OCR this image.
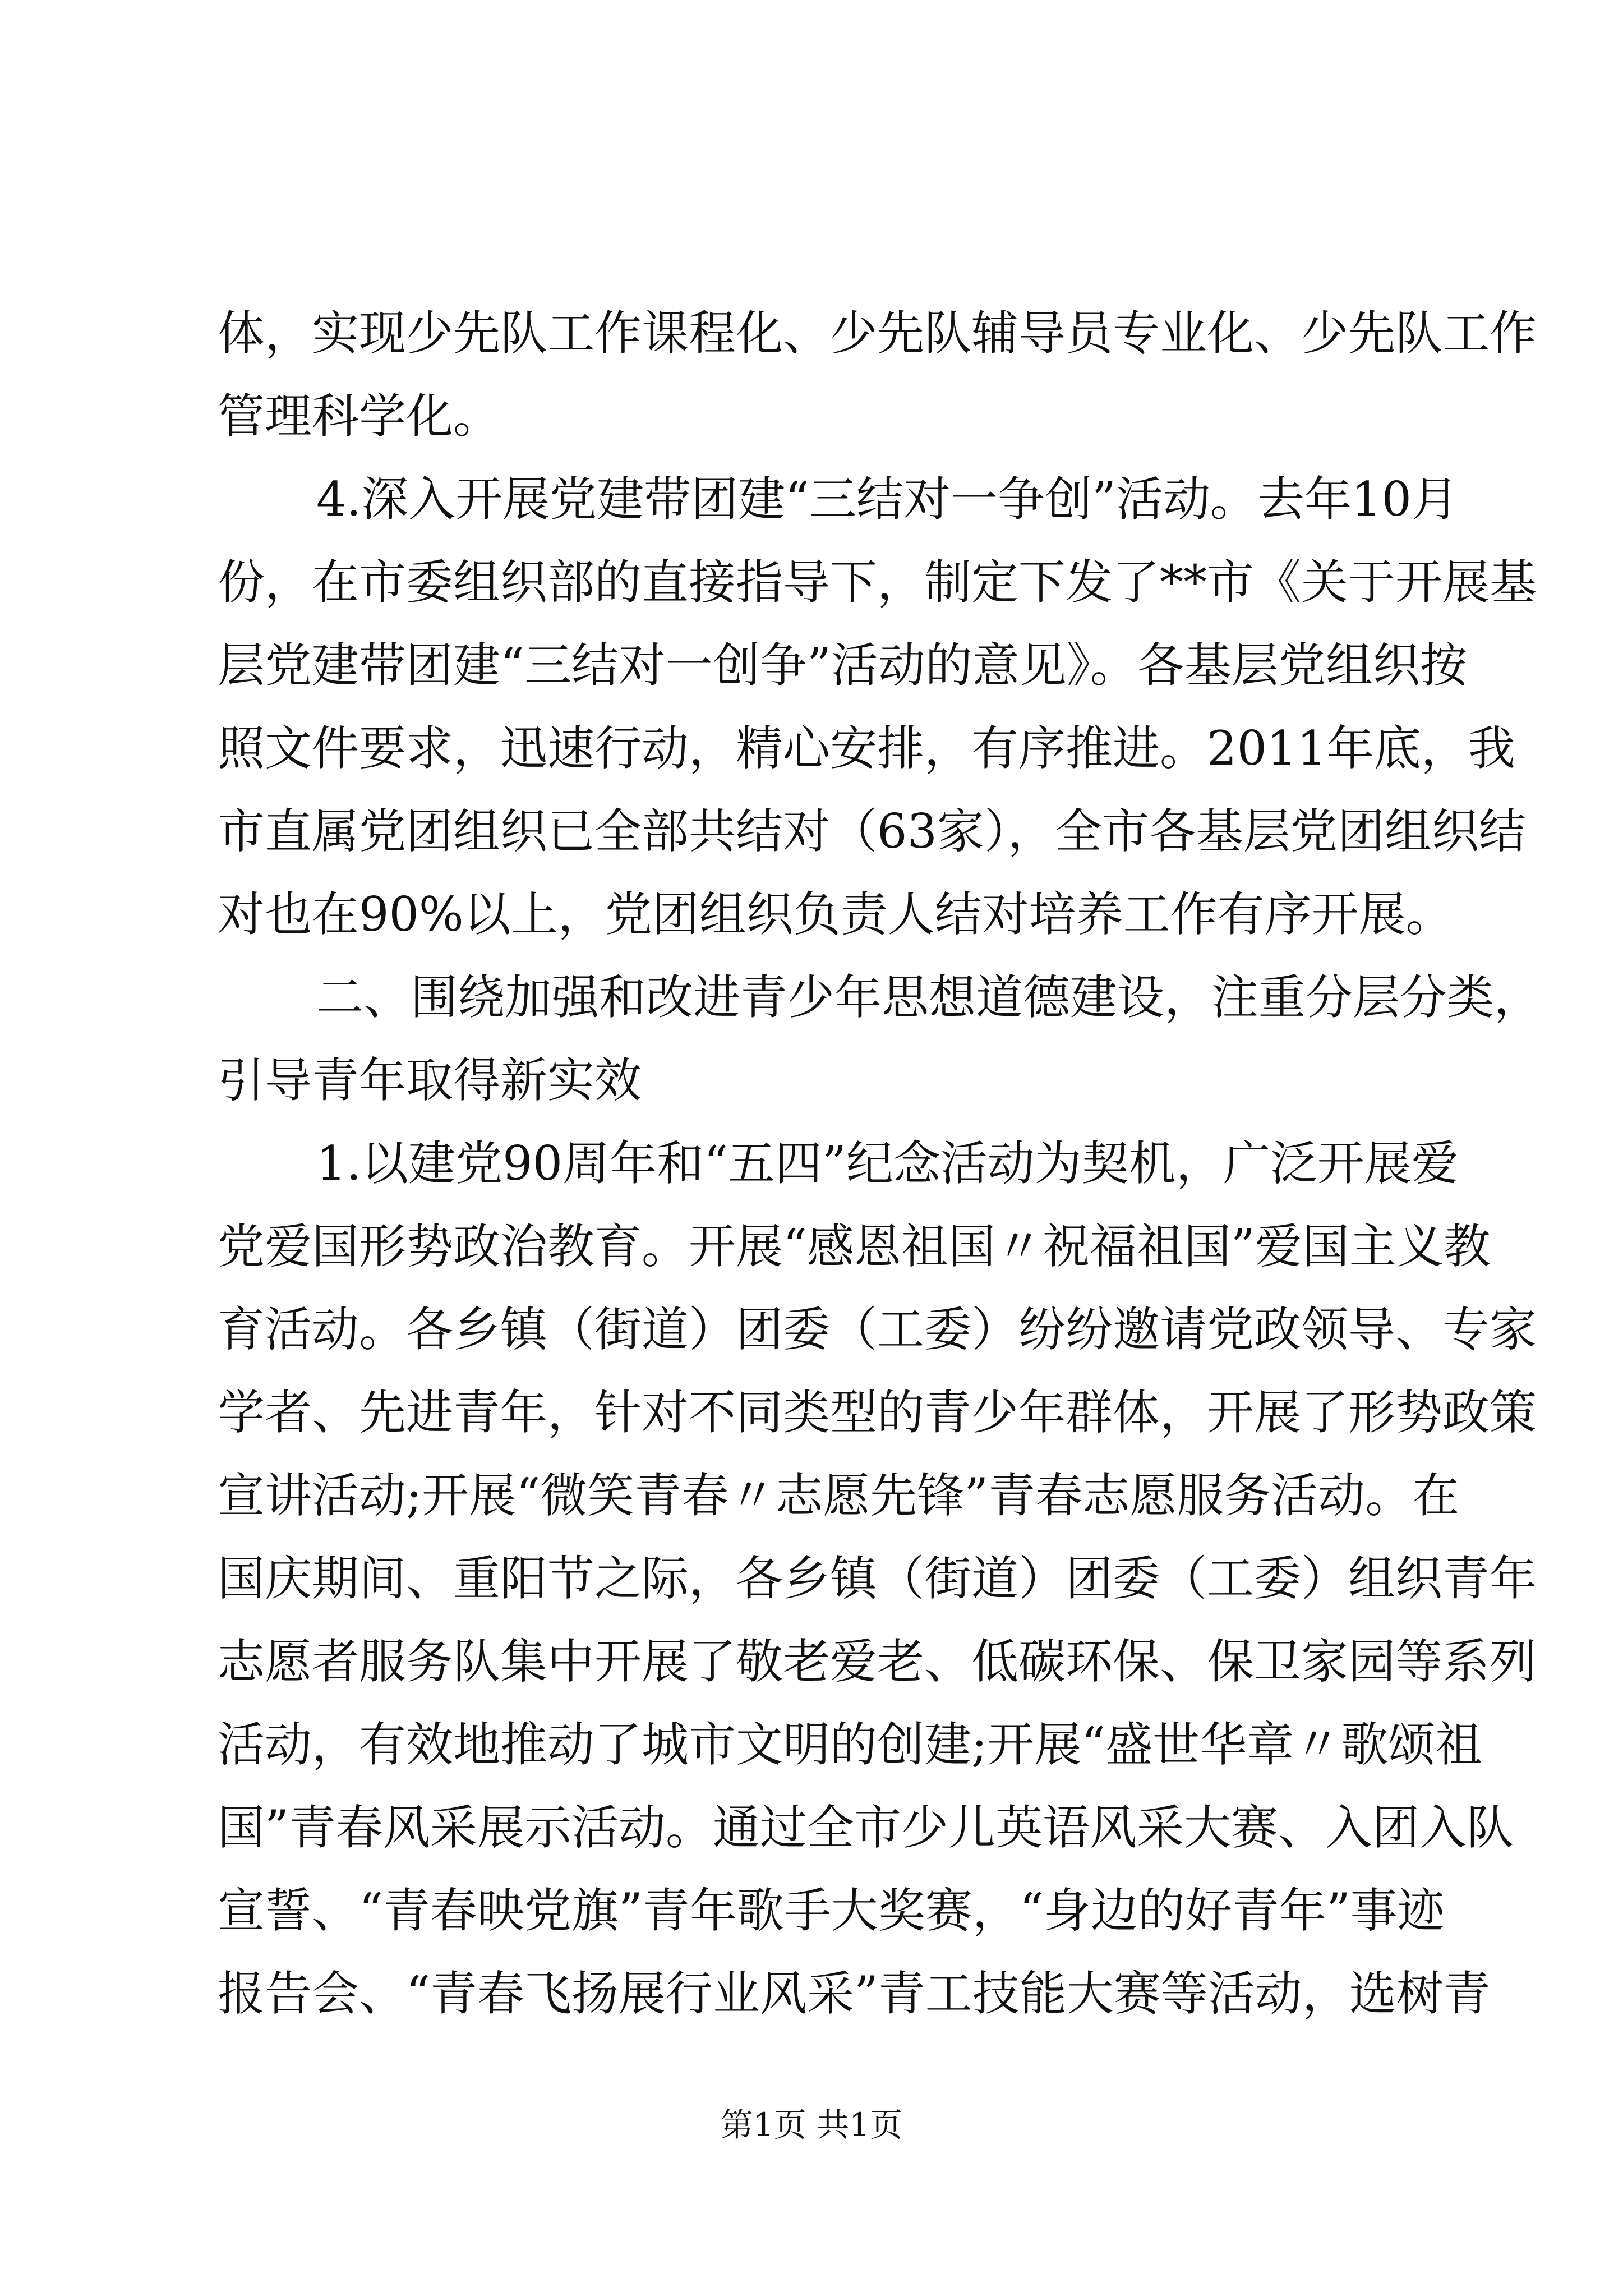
体，实现少先队工作课程化、少先队辅导员专业化、少先队工作
管理科学化。
4.深入开展党建带团建“三结对一争创”活动。去年10月
份，在市委组织部的直接指导下，制定下发了**市《关于开展基
层党建带团建“三结对一创争”活动的意见》。各基层党组织按
照文件要求，迅速行动，精心安排，有序推进。2011年底，我
市直属党团组织已全部共结对（63家），全市各基层党团组织结
对也在90%以上，党团组织负责人结对培养工作有序开展。
二、围绕加强和改进青少年思想道德建设，注重分层分类，
引导青年取得新实效
1.以建党90周年和“五四”纪念活动为契机，广泛开展爱
党爱国形势政治教育。开展“感恩祖国〃祝福祖国”爱国主义教
育活动。各乡镇（街道）团委（工委）纷纷邀请党政领导、专家
学者、先进青年，针对不同类型的青少年群体，开展了形势政策
宣讲活动;开展“微笑青春〃志愿先锋”青春志愿服务活动。在
国庆期间、重阳节之际，各乡镇（街道）团委（工委）组织青年
志愿者服务队集中开展了敬老爱老、低碳环保、保卫家园等系列
活动，有效地推动了城市文明的创建;开展“盛世华章〃歌颂祖
国”青春风采展示活动。通过全市少儿英语风采大赛、入团入队
宣誓、“青春映党旗”青年歌手大奖赛，“身边的好青年”事迹
报告会、“青春飞扬展行业风采”青工技能大赛等活动，选树青
第1页 共1页
